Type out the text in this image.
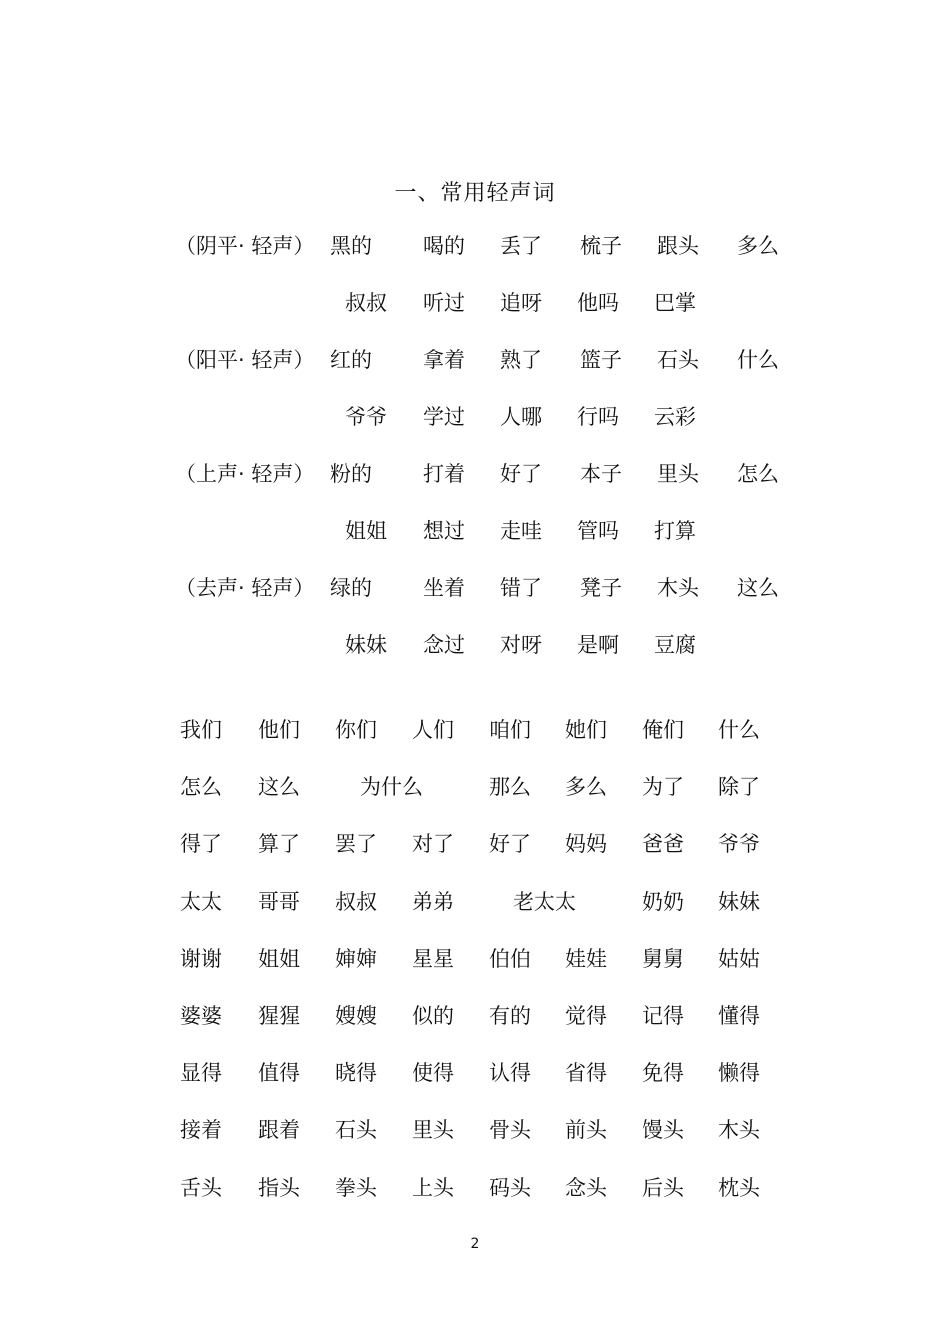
一、常用轻声词
（阴平· 轻声） 黑的 喝的 丢了 梳子 跟头 多么
叔叔 听过 追呀 他吗 巴掌
（阳平· 轻声） 红的 拿着 熟了 篮子 石头 什么
爷爷 学过 人哪 行吗 云彩
（上声· 轻声） 粉的 打着 好了 本子 里头 怎么
姐姐 想过 走哇 管吗 打算
（去声· 轻声） 绿的 坐着 错了 凳子 木头 这么
妹妹 念过 对呀 是啊 豆腐
我们 他们 你们 人们 咱们 她们 俺们 什么
怎么 这么	为什么	那么 多么 为了 除了
得了 算了 罢了 对了 好了 妈妈 爸爸 爷爷
太太 哥哥 叔叔 弟弟	老太太	奶奶 妹妹
谢谢 姐姐 婶婶 星星 伯伯 娃娃 舅舅 姑姑
婆婆 猩猩 嫂嫂 似的 有的 觉得 记得 懂得
显得 值得 晓得 使得 认得 省得 免得 懒得
接着 跟着 石头 里头 骨头 前头 馒头 木头
舌头 指头 拳头 上头 码头 念头 后头 枕头
2
